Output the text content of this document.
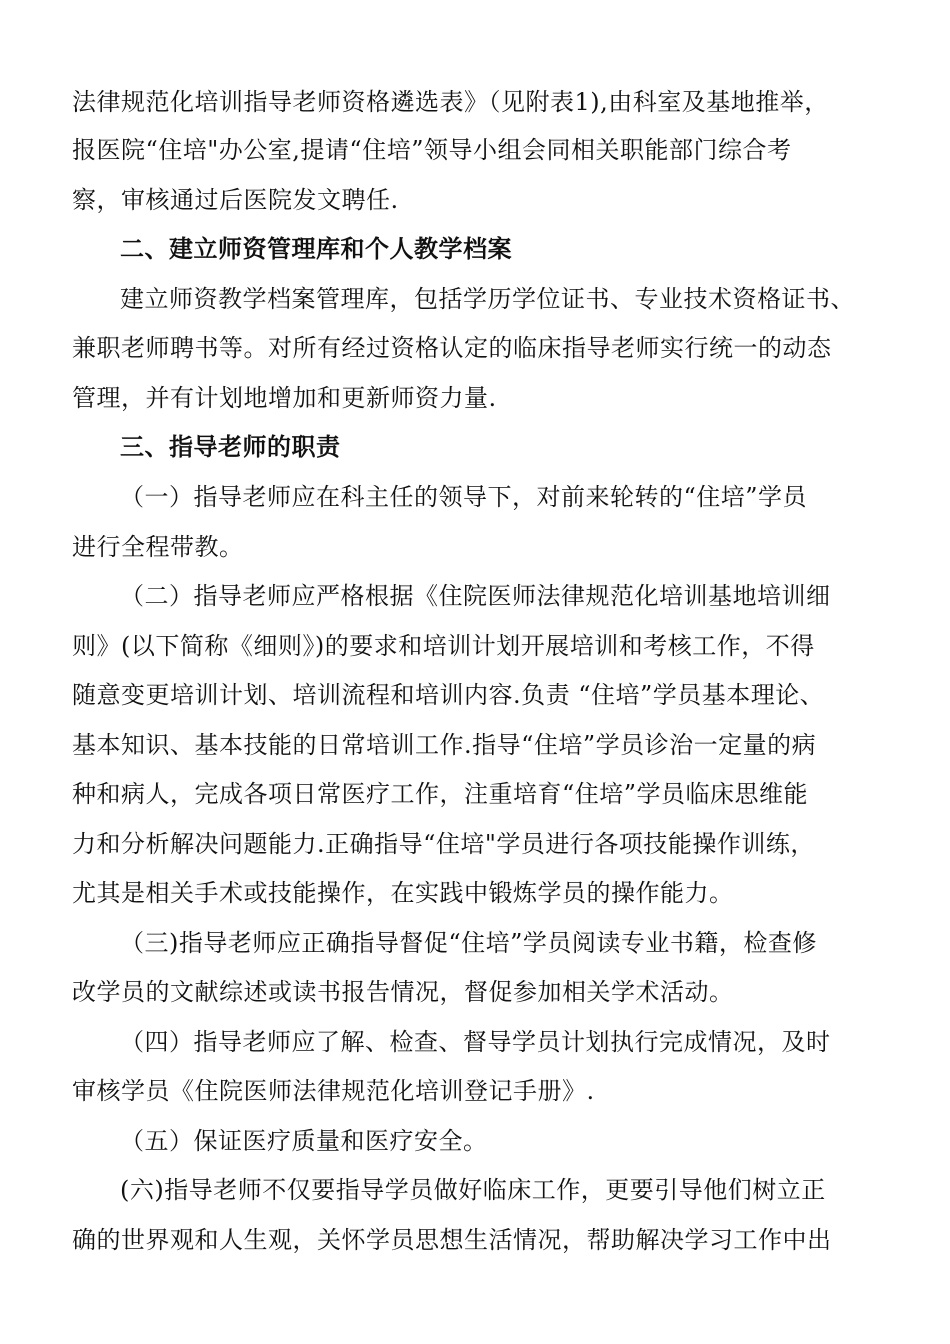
法律规范化培训指导老师资格遴选表》（见附表1),由科室及基地推举，
报医院“住培"办公室,提请“住培”领导小组会同相关职能部门综合考
察，审核通过后医院发文聘任.
二、建立师资管理库和个人教学档案
建立师资教学档案管理库，包括学历学位证书、专业技术资格证书、
兼职老师聘书等。对所有经过资格认定的临床指导老师实行统一的动态
管理，并有计划地增加和更新师资力量.
三、指导老师的职责
（一）指导老师应在科主任的领导下，对前来轮转的“住培”学员
进行全程带教。
（二）指导老师应严格根据《住院医师法律规范化培训基地培训细
则》(以下简称《细则》)的要求和培训计划开展培训和考核工作，不得
随意变更培训计划、培训流程和培训内容.负责 “住培”学员基本理论、
基本知识、基本技能的日常培训工作.指导“住培”学员诊治一定量的病
种和病人，完成各项日常医疗工作，注重培育“住培”学员临床思维能
力和分析解决问题能力.正确指导“住培"学员进行各项技能操作训练，
尤其是相关手术或技能操作，在实践中锻炼学员的操作能力。
（三)指导老师应正确指导督促“住培”学员阅读专业书籍，检查修
改学员的文献综述或读书报告情况，督促参加相关学术活动。
（四）指导老师应了解、检查、督导学员计划执行完成情况，及时
审核学员《住院医师法律规范化培训登记手册》.
（五）保证医疗质量和医疗安全。
(六)指导老师不仅要指导学员做好临床工作，更要引导他们树立正
确的世界观和人生观，关怀学员思想生活情况，帮助解决学习工作中出
